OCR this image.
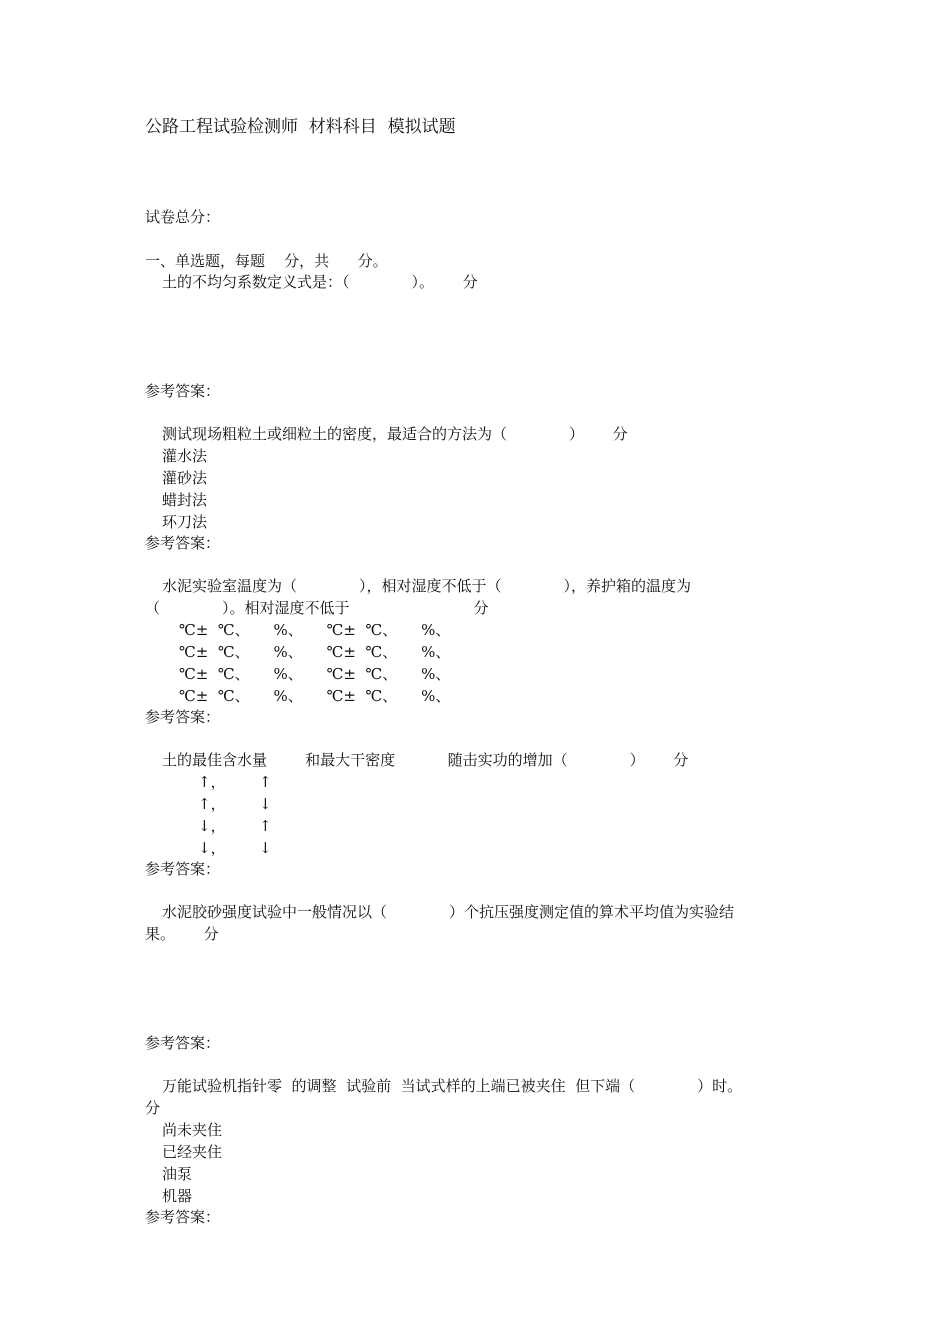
公路工程试验检测师  材料科目  模拟试题
试卷总分：
一、单选题，每题    分，共      分。
土的不均匀系数定义式是：（             ）。      分
参考答案：
测试现场粗粒土或细粒土的密度，最适合的方法为（             ）      分
灌水法
灌砂法
蜡封法
环刀法
参考答案：
水泥实验室温度为（             ），相对湿度不低于（             ），养护箱的温度为
（             ）。相对湿度不低于                          分
℃±  ℃、     %、     ℃±  ℃、     %、
℃±  ℃、     %、     ℃±  ℃、     %、
℃±  ℃、     %、     ℃±  ℃、     %、
℃±  ℃、     %、     ℃±  ℃、     %、
参考答案：
土的最佳含水量        和最大干密度           随击实功的增加（             ）      分
↑，       ↑
↑，       ↓
↓，       ↑
↓，       ↓
参考答案：
水泥胶砂强度试验中一般情况以（             ）个抗压强度测定值的算术平均值为实验结
果。      分
参考答案：
万能试验机指针零  的调整  试验前  当试式样的上端已被夹住  但下端（             ）时。
分
尚未夹住
已经夹住
油泵
机器
参考答案：
